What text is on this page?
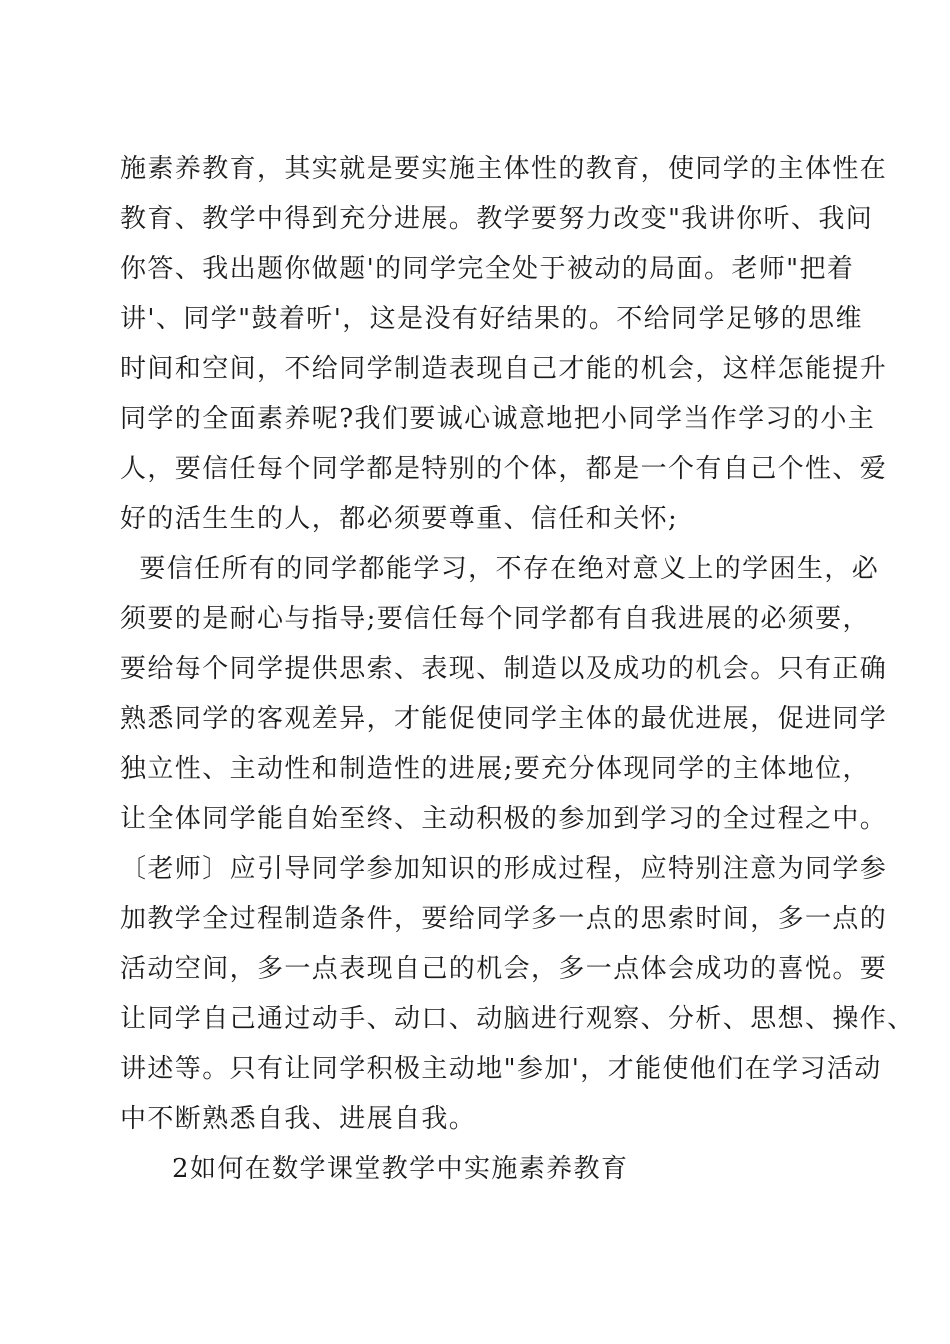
施素养教育，其实就是要实施主体性的教育，使同学的主体性在
教育、教学中得到充分进展。教学要努力改变"我讲你听、我问
你答、我出题你做题'的同学完全处于被动的局面。老师"把着
讲'、同学"鼓着听'，这是没有好结果的。不给同学足够的思维
时间和空间，不给同学制造表现自己才能的机会，这样怎能提升
同学的全面素养呢?我们要诚心诚意地把小同学当作学习的小主
人，要信任每个同学都是特别的个体，都是一个有自己个性、爱
好的活生生的人，都必须要尊重、信任和关怀;
要信任所有的同学都能学习，不存在绝对意义上的学困生，必
须要的是耐心与指导;要信任每个同学都有自我进展的必须要，
要给每个同学提供思索、表现、制造以及成功的机会。只有正确
熟悉同学的客观差异，才能促使同学主体的最优进展，促进同学
独立性、主动性和制造性的进展;要充分体现同学的主体地位，
让全体同学能自始至终、主动积极的参加到学习的全过程之中。
〔老师〕应引导同学参加知识的形成过程，应特别注意为同学参
加教学全过程制造条件，要给同学多一点的思索时间，多一点的
活动空间，多一点表现自己的机会，多一点体会成功的喜悦。要
让同学自己通过动手、动口、动脑进行观察、分析、思想、操作、
讲述等。只有让同学积极主动地"参加'，才能使他们在学习活动
中不断熟悉自我、进展自我。
2如何在数学课堂教学中实施素养教育
